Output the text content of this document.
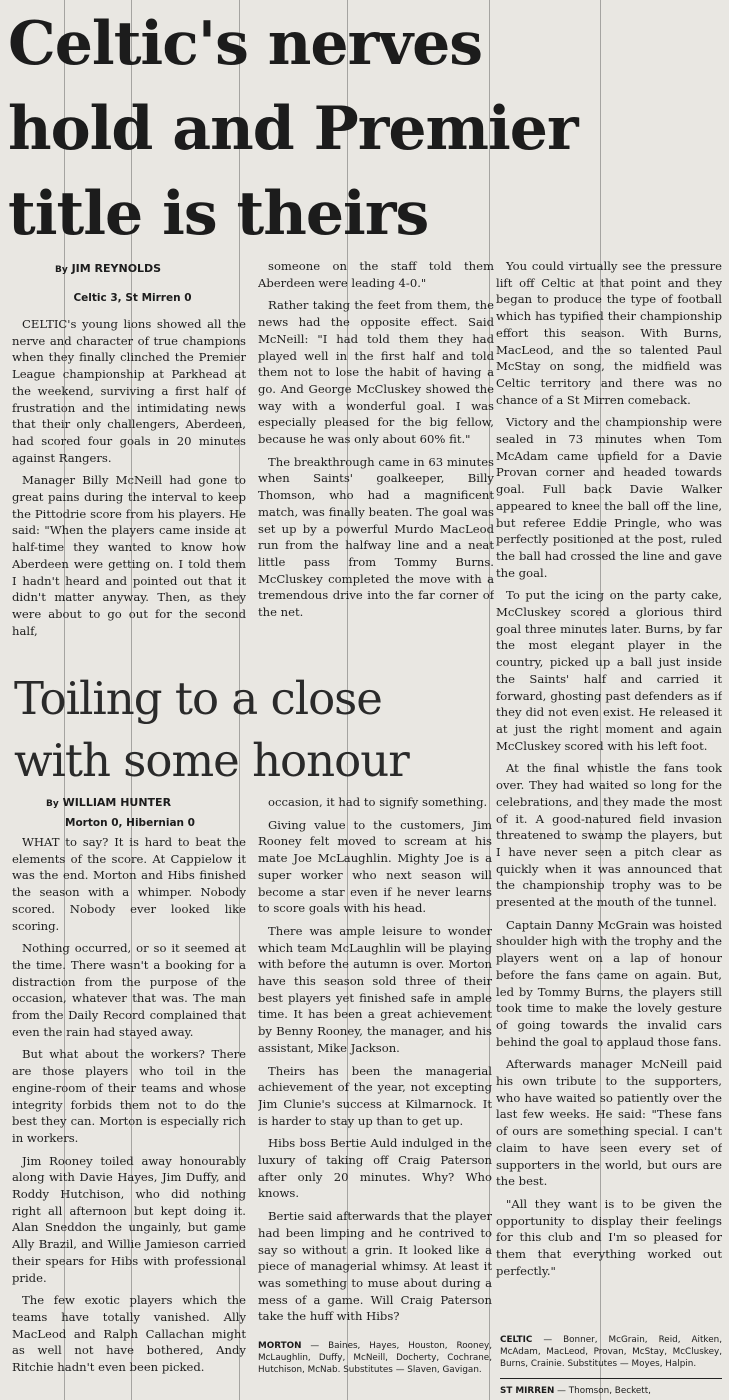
Celtic's nerves
hold and Premier
title is theirs
By JIM REYNOLDS
Celtic 3, St Mirren 0

CELTIC's young lions showed all the nerve and character of true champions when they finally clinched the Premier League championship at Parkhead at the weekend, surviving a first half of frustration and the intimidating news that their only challengers, Aberdeen, had scored four goals in 20 minutes against Rangers.

Manager Billy McNeill had gone to great pains during the interval to keep the Pittodrie score from his players. He said: "When the players came inside at half-time they wanted to know how Aberdeen were getting on. I told them I hadn't heard and pointed out that it didn't matter anyway. Then, as they were about to go out for the second half,

someone on the staff told them Aberdeen were leading 4-0."

Rather taking the feet from them, the news had the opposite effect. Said McNeill: "I had told them they had played well in the first half and told them not to lose the habit of having a go. And George McCluskey showed the way with a wonderful goal. I was especially pleased for the big fellow, because he was only about 60% fit."

The breakthrough came in 63 minutes when Saints' goalkeeper, Billy Thomson, who had a magnificent match, was finally beaten. The goal was set up by a powerful Murdo MacLeod run from the halfway line and a neat little pass from Tommy Burns. McCluskey completed the move with a tremendous drive into the far corner of the net.

You could virtually see the pressure lift off Celtic at that point and they began to produce the type of football which has typified their championship effort this season. With Burns, MacLeod, and the so talented Paul McStay on song, the midfield was Celtic territory and there was no chance of a St Mirren comeback.

Victory and the championship were sealed in 73 minutes when Tom McAdam came upfield for a Davie Provan corner and headed towards goal. Full back Davie Walker appeared to knee the ball off the line, but referee Eddie Pringle, who was perfectly positioned at the post, ruled the ball had crossed the line and gave the goal.

To put the icing on the party cake, McCluskey scored a glorious third goal three minutes later. Burns, by far the most elegant player in the country, picked up a ball just inside the Saints' half and carried it forward, ghosting past defenders as if they did not even exist. He released it at just the right moment and again McCluskey scored with his left foot.

At the final whistle the fans took over. They had waited so long for the celebrations, and they made the most of it. A good-natured field invasion threatened to swamp the players, but I have never seen a pitch clear as quickly when it was announced that the championship trophy was to be presented at the mouth of the tunnel.

Captain Danny McGrain was hoisted shoulder high with the trophy and the players went on a lap of honour before the fans came on again. But, led by Tommy Burns, the players still took time to make the lovely gesture of going towards the invalid cars behind the goal to applaud those fans.

Afterwards manager McNeill paid his own tribute to the supporters, who have waited so patiently over the last few weeks. He said: "These fans of ours are something special. I can't claim to have seen every set of supporters in the world, but ours are the best.

"All they want is to be given the opportunity to display their feelings for this club and I'm so pleased for them that everything worked out perfectly."

CELTIC — Bonner, McGrain, Reid, Aitken, McAdam, MacLeod, Provan, McStay, McCluskey, Burns, Crainie. Substitutes — Moyes, Halpin.
ST MIRREN — Thomson, Beckett,
Toiling to a close
with some honour
By WILLIAM HUNTER
Morton 0, Hibernian 0

WHAT to say? It is hard to beat the elements of the score. At Cappielow it was the end. Morton and Hibs finished the season with a whimper. Nobody scored. Nobody ever looked like scoring.

Nothing occurred, or so it seemed at the time. There wasn't a booking for a distraction from the purpose of the occasion, whatever that was. The man from the Daily Record complained that even the rain had stayed away.

But what about the workers? There are those players who toil in the engine-room of their teams and whose integrity forbids them not to do the best they can. Morton is especially rich in workers.

Jim Rooney toiled away honourably along with Davie Hayes, Jim Duffy, and Roddy Hutchison, who did nothing right all afternoon but kept doing it. Alan Sneddon the ungainly, but game Ally Brazil, and Willie Jamieson carried their spears for Hibs with professional pride.

The few exotic players which the teams have totally vanished. Ally MacLeod and Ralph Callachan might as well not have bothered, Andy Ritchie hadn't even been picked.

occasion, it had to signify something.

Giving value to the customers, Jim Rooney felt moved to scream at his mate Joe McLaughlin. Mighty Joe is a super worker who next season will become a star even if he never learns to score goals with his head.

There was ample leisure to wonder which team McLaughlin will be playing with before the autumn is over. Morton have this season sold three of their best players yet finished safe in ample time. It has been a great achievement by Benny Rooney, the manager, and his assistant, Mike Jackson.

Theirs has been the managerial achievement of the year, not excepting Jim Clunie's success at Kilmarnock. It is harder to stay up than to get up.

Hibs boss Bertie Auld indulged in the luxury of taking off Craig Paterson after only 20 minutes. Why? Who knows.

Bertie said afterwards that the player had been limping and he contrived to say so without a grin. It looked like a piece of managerial whimsy. At least it was something to muse about during a mess of a game. Will Craig Paterson take the huff with Hibs?

MORTON — Baines, Hayes, Houston, Rooney, McLaughlin, Duffy, McNeill, Docherty, Cochrane, Hutchison, McNab. Substitutes — Slaven, Gavigan.
